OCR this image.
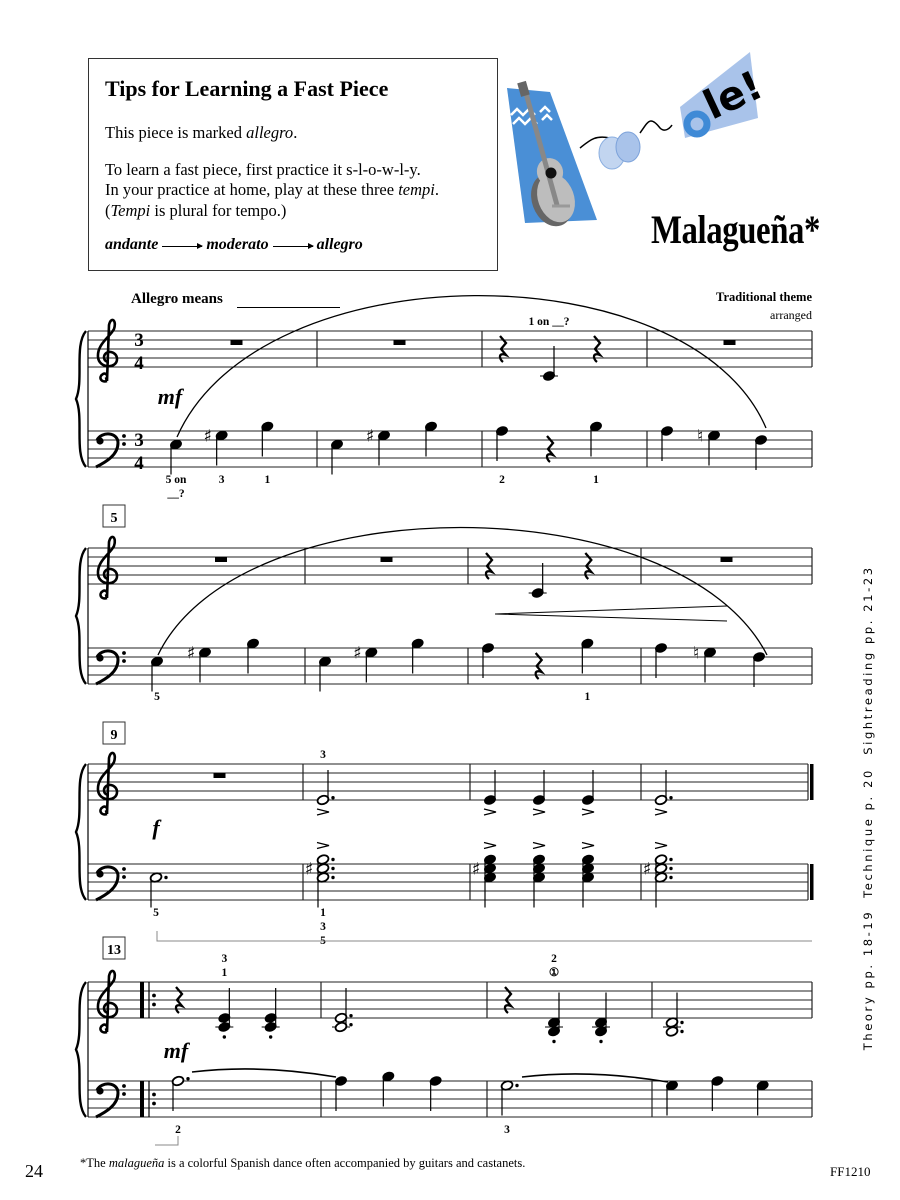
Tips for Learning a Fast Piece
This piece is marked allegro.
To learn a fast piece, first practice it s-l-o-w-l-y.
In your practice at home, play at these three tempi.
(Tempi is plural for tempo.)
andante	moderato	allegro
le!
Malagueña*
Allegro means	Traditional theme
arranged
Sightreading pp. 21-23
Technique p. 20
Theory pp. 18-19
3
4
3
4
mf
5 on
__?
♯
3	1
♯
1 on __?
2	1
♮
5
5
♯	♯
1
♮
9
f
5
3
♯
1
3
5
♯	♯
13
mf
3
1
2
2
①
3
24	*The malagueña is a colorful Spanish dance often accompanied by guitars and castanets.
FF1210
